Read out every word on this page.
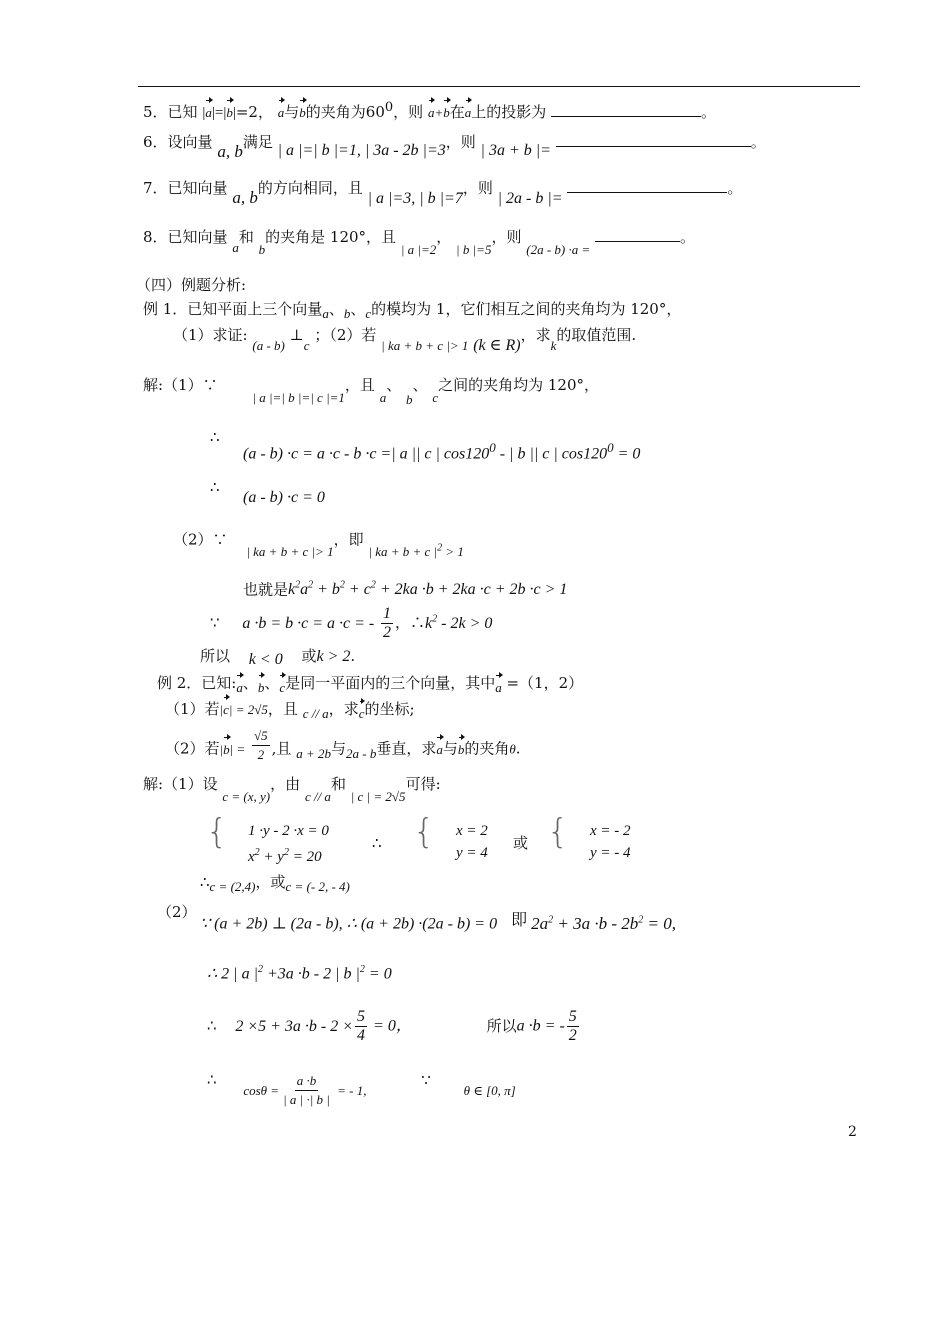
5．已知 |a|=|b|=2， a与b的夹角为$60^0$，则 a+b在a上的投影为	。
6．设向量 a, b满足 | a |=| b |=1, | 3a - 2b |=3，则 | 3a + b |=	。
7．已知向量 a, b的方向相同，且 | a |=3, | b |=7，则 | 2a - b |= 。
8．已知向量 a和 b的夹角是 120°，且 | a |=2， | b |=5，则 (2a - b) ·a = 。
（四）例题分析:
例 1．已知平面上三个向量a、b、c的模均为 1，它们相互之间的夹角均为 120°，
（1）求证: (a - b) ⊥c ；（2）若 | ka + b + c |> 1 (k ∈ R)，求k的取值范围.
解:（1）∵ | a |=| b |=| c |=1，且 a、 b、 c之间的夹角均为 120°，
∴
(a - b) ·c = a ·c - b ·c =| a || c | $\cos 120^0$ - | b || c | $\cos 120^0 = 0$
∴
(a - b) ·c = 0
（2）∵ | ka + b + c |> 1，即 | ka + b + c $|^2 > 1$
也就是$k^2a^2 + b^2 + c^2 + 2ka \cdot b + 2ka \cdot c + 2b \cdot c > 1$
∵ a ·b = b ·c = a ·c = - $\frac{1}{2}$ ，$\therefore k^2 - 2k > 0$
所以 k < 0 或k > 2.
例 2．已知:a、b、c是同一平面内的三个向量，其中a =（1，2）
（1）若|c| = 2√5，且 c // a，求c的坐标;
（2）若$|b| = \frac{√5}{2}$ ,且 a + 2b与2a - b垂直，求a与b的夹角θ.
解:（1）设 c = (x, y)，由 c // a和 | c | = 2√5可得:
{ 1 ·y - 2 ·x = 0
$x^2 + y^2 = 20$
∴ { x = 2
y = 4
或 { x = - 2
y = - 4
∴c = (2,4)，或c = (- 2, - 4)
（2）
∵ (a + 2b) ⊥ (2a - b), ∴ (a + 2b) ·(2a - b) = 0 即 $2a^2 + 3a \cdot b - 2b^2 = 0$,
∴ 2 | a $|^2 +3a \cdot b - 2$ | b $|^2 = 0$
∴ $2 \times 5 + 3a \cdot b - 2 \times \frac{5}{4} = 0$，	所以a ·b = - $\frac{5}{2}$
∴ $\cos\theta = \frac{a \cdot b}{| a | \cdot| b |}$ = - 1, ∵ θ ∈ [0, π]
2
